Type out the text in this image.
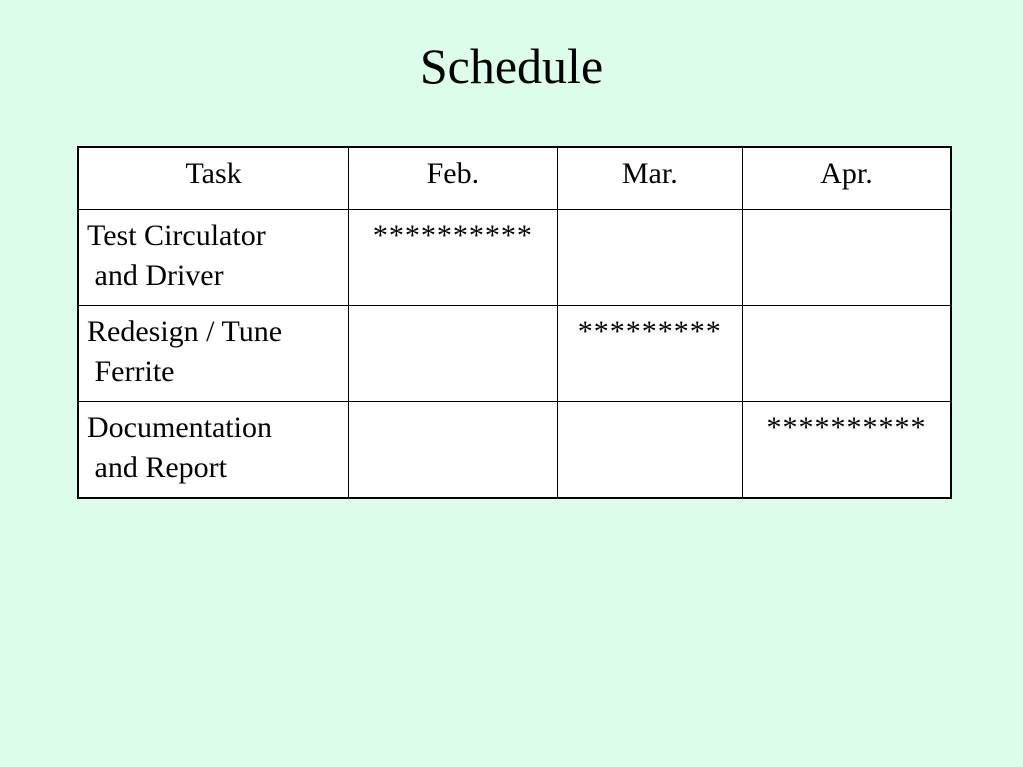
Schedule
Task	Feb.	Mar.	Apr.
Test Circulator
and Driver	**********		
Redesign / Tune
Ferrite		*********	
Documentation
and Report			**********
